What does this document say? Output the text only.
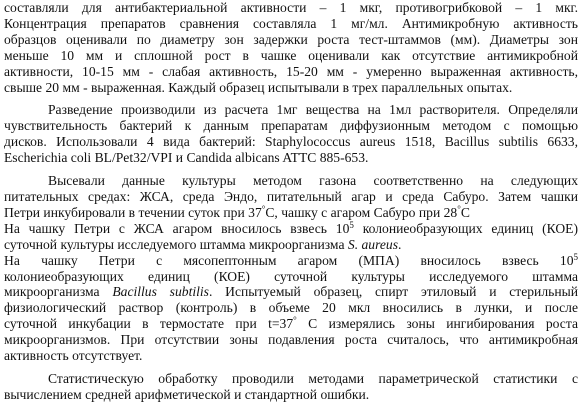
составляли для антибактериальной активности – 1 мкг, противогрибковой – 1 мкг.
Концентрация препаратов сравнения составляла 1 мг/мл. Антимикробную активность
образцов оценивали по диаметру зон задержки роста тест-штаммов (мм). Диаметры зон
меньше 10 мм и сплошной рост в чашке оценивали как отсутствие антимикробной
активности, 10-15 мм - слабая активность, 15-20 мм - умеренно выраженная активность,
свыше 20 мм - выраженная. Каждый образец испытывали в трех параллельных опытах.

Разведение производили из расчета 1мг вещества на 1мл растворителя. Определяли
чувствительность бактерий к данным препаратам диффузионным методом с помощью
дисков. Использовали 4 вида бактерий: Staphylococcus aureus 1518, Bacillus subtilis 6633,
Escherichia coli BL/Pet32/VPI и Candida albicans ATTC 885-653.

Высевали данные культуры методом газона соответственно на следующих
питательных средах: ЖСА, среда Эндо, питательный агар и среда Сабуро. Затем чашки
Петри инкубировали в течении суток при 37°С, чашку с агаром Сабуро при 28°С

На чашку Петри с ЖСА агаром вносилось взвесь $10^5$ колониеобразующих единиц (КОЕ)
суточной культуры исследуемого штамма микроорганизма S. aureus.

На чашку Петри с мясопептонным агаром (МПА) вносилось взвесь $10^5$
колониеобразующих единиц (КОЕ) суточной культуры исследуемого штамма
микроорганизма Bacillus subtilis. Испытуемый образец, спирт этиловый и стерильный
физиологический раствор (контроль) в объеме 20 мкл вносились в лунки, и после
суточной инкубации в термостате при t=37° С измерялись зоны ингибирования роста
микроорганизмов. При отсутствии зоны подавления роста считалось, что антимикробная
активность отсутствует.

Статистическую обработку проводили методами параметрической статистики с
вычислением средней арифметической и стандартной ошибки.
